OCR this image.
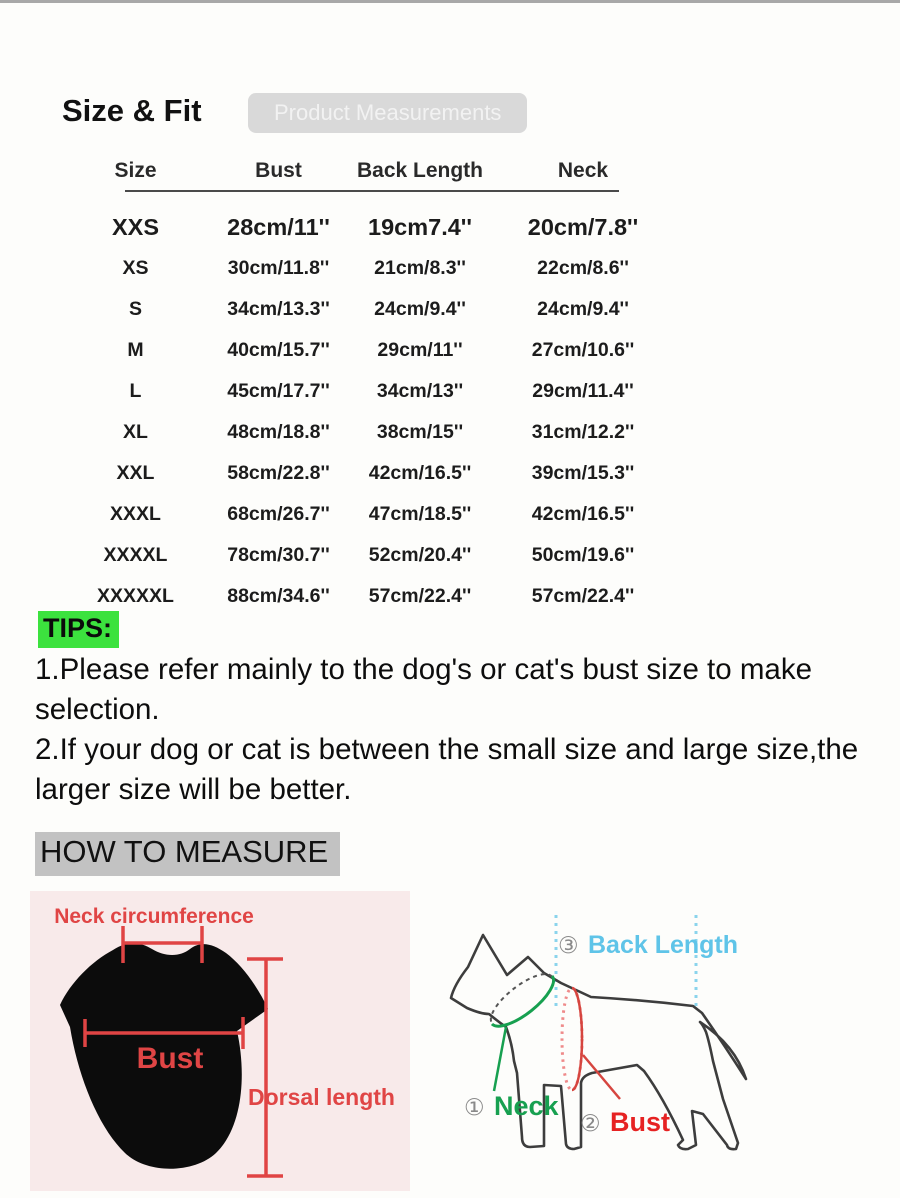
Size & Fit	Product Measurements
Size	Bust	Back Length	Neck
XXS	28cm/11''	19cm7.4''	20cm/7.8''
XS	30cm/11.8''	21cm/8.3''	22cm/8.6''
S	34cm/13.3''	24cm/9.4''	24cm/9.4''
M	40cm/15.7''	29cm/11''	27cm/10.6''
L	45cm/17.7''	34cm/13''	29cm/11.4''
XL	48cm/18.8''	38cm/15''	31cm/12.2''
XXL	58cm/22.8''	42cm/16.5''	39cm/15.3''
XXXL	68cm/26.7''	47cm/18.5''	42cm/16.5''
XXXXL	78cm/30.7''	52cm/20.4''	50cm/19.6''
XXXXXL	88cm/34.6''	57cm/22.4''	57cm/22.4''
TIPS:
1.Please refer mainly to the dog's or cat's bust size to make selection.
2.If your dog or cat is between the small size and large size,the larger size will be better.
HOW TO MEASURE
Neck circumference
Bust
Dorsal length
③ Back Length
① Neck
② Bust
